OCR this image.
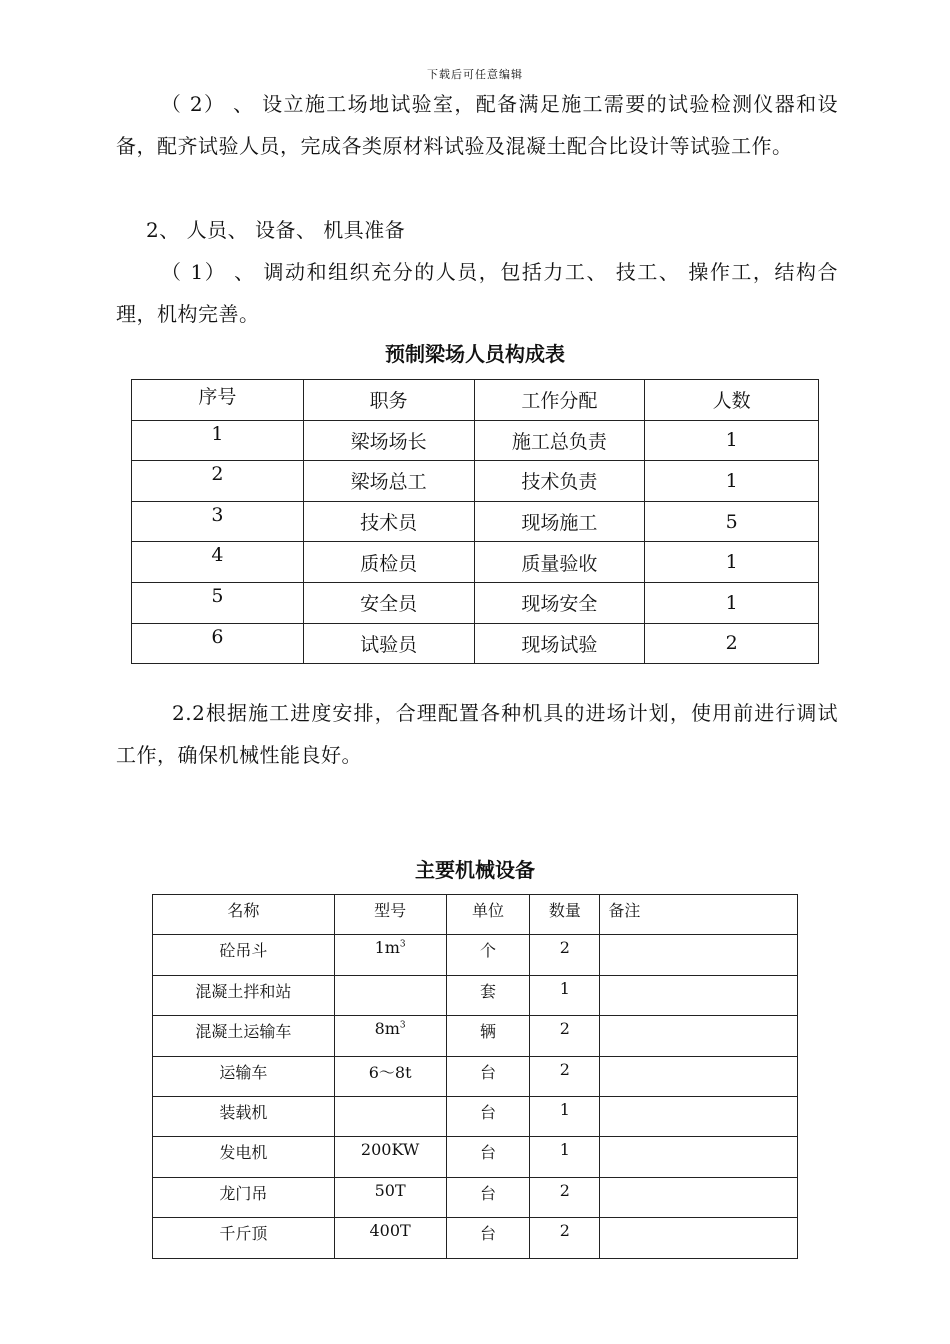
下载后可任意编辑
（ 2） 、 设立施工场地试验室，配备满足施工需要的试验检测仪器和设备，配齐试验人员，完成各类原材料试验及混凝土配合比设计等试验工作。
2、 人员、 设备、 机具准备
（ 1） 、 调动和组织充分的人员，包括力工、 技工、 操作工，结构合理，机构完善。
预制梁场人员构成表
序号	职务	工作分配	人数
1	梁场场长	施工总负责	1
2	梁场总工	技术负责	1
3	技术员	现场施工	5
4	质检员	质量验收	1
5	安全员	现场安全	1
6	试验员	现场试验	2
2.2根据施工进度安排，合理配置各种机具的进场计划，使用前进行调试工作，确保机械性能良好。
主要机械设备
名称	型号	单位	数量	备注
砼吊斗	$1m^3$	个	2	
混凝土拌和站		套	1	
混凝土运输车	$8m^3$	辆	2	
运输车	6～8t	台	2	
装载机		台	1	
发电机	200KW	台	1	
龙门吊	50T	台	2	
千斤顶	400T	台	2	
